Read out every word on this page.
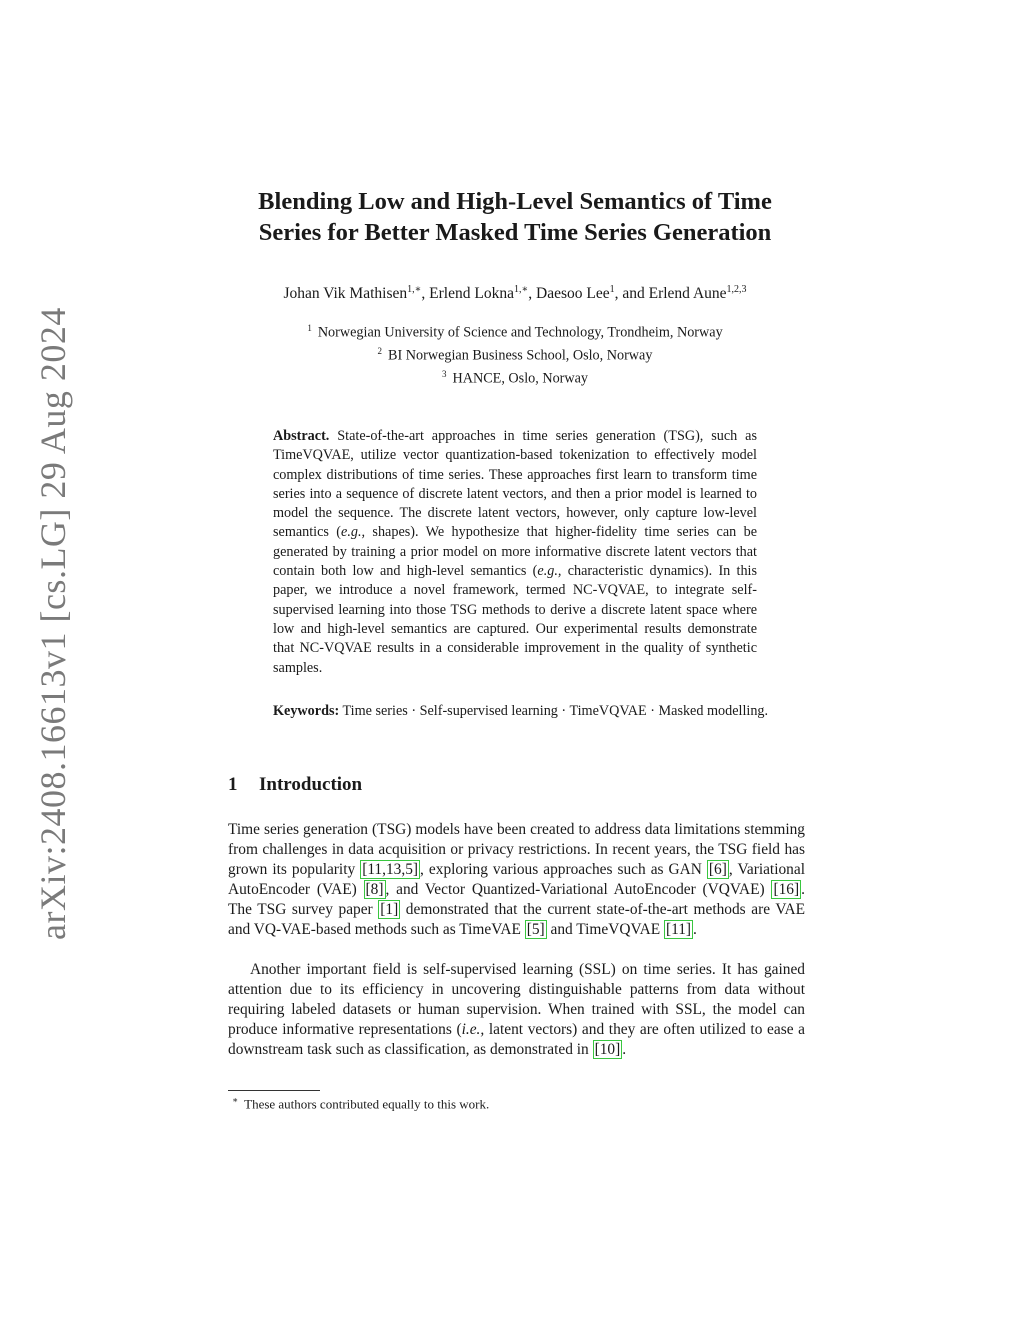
arXiv:2408.16613v1 [cs.LG] 29 Aug 2024
Blending Low and High-Level Semantics of Time
Series for Better Masked Time Series Generation
Johan Vik Mathisen$^{1,∗}$, Erlend Lokna$^{1,∗}$, Daesoo Lee$^1$, and Erlend Aune$^{1,2,3}$
$^1$ Norwegian University of Science and Technology, Trondheim, Norway
$^2$ BI Norwegian Business School, Oslo, Norway
$^3$ HANCE, Oslo, Norway
Abstract. State-of-the-art approaches in time series generation (TSG), such as TimeVQVAE, utilize vector quantization-based tokenization to effectively model complex distributions of time series. These approaches first learn to transform time series into a sequence of discrete latent vectors, and then a prior model is learned to model the sequence. The discrete latent vectors, however, only capture low-level semantics (e.g., shapes). We hypothesize that higher-fidelity time series can be generated by training a prior model on more informative discrete latent vectors that contain both low and high-level semantics (e.g., characteristic dynamics). In this paper, we introduce a novel framework, termed NC-VQVAE, to integrate self-supervised learning into those TSG methods to derive a discrete latent space where low and high-level semantics are captured. Our experimental results demonstrate that NC-VQVAE results in a considerable improvement in the quality of synthetic samples.
Keywords: Time series · Self-supervised learning · TimeVQVAE · Masked modelling.
1 Introduction
Time series generation (TSG) models have been created to address data limitations stemming from challenges in data acquisition or privacy restrictions. In recent years, the TSG field has grown its popularity [11,13,5] , exploring various approaches such as GAN [6] , Variational AutoEncoder (VAE) [8] , and Vector Quantized-Variational AutoEncoder (VQVAE) [16] . The TSG survey paper [1] demonstrated that the current state-of-the-art methods are VAE and VQ-VAE-based methods such as TimeVAE [5] and TimeVQVAE [11] .
Another important field is self-supervised learning (SSL) on time series. It has gained attention due to its efficiency in uncovering distinguishable patterns from data without requiring labeled datasets or human supervision. When trained with SSL, the model can produce informative representations (i.e., latent vectors) and they are often utilized to ease a downstream task such as classification, as demonstrated in [10] .
∗ These authors contributed equally to this work.
